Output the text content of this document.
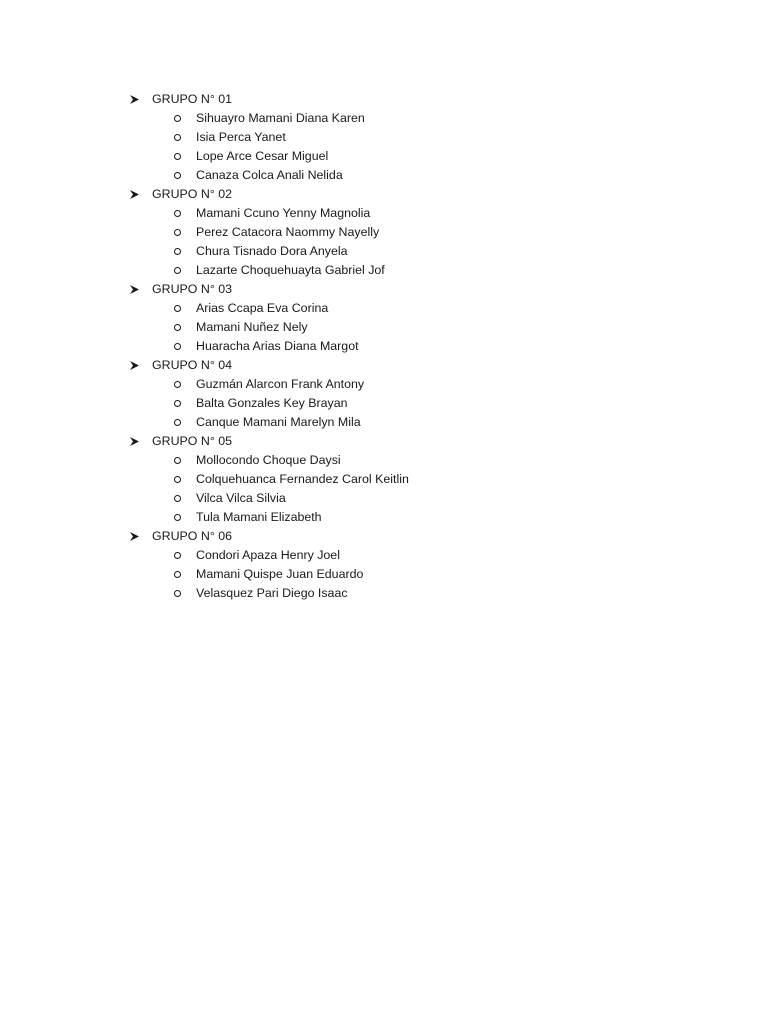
GRUPO N° 01
Sihuayro Mamani Diana Karen
Isia Perca Yanet
Lope Arce Cesar Miguel
Canaza Colca Anali Nelida
GRUPO N° 02
Mamani Ccuno Yenny Magnolia
Perez Catacora Naommy Nayelly
Chura Tisnado Dora Anyela
Lazarte Choquehuayta Gabriel Jof
GRUPO N° 03
Arias Ccapa Eva Corina
Mamani Nuñez Nely
Huaracha Arias Diana Margot
GRUPO N° 04
Guzmán Alarcon Frank Antony
Balta Gonzales Key Brayan
Canque Mamani Marelyn Mila
GRUPO N° 05
Mollocondo Choque Daysi
Colquehuanca Fernandez Carol Keitlin
Vilca Vilca Silvia
Tula Mamani Elizabeth
GRUPO N° 06
Condori Apaza Henry Joel
Mamani Quispe Juan Eduardo
Velasquez Pari Diego Isaac
